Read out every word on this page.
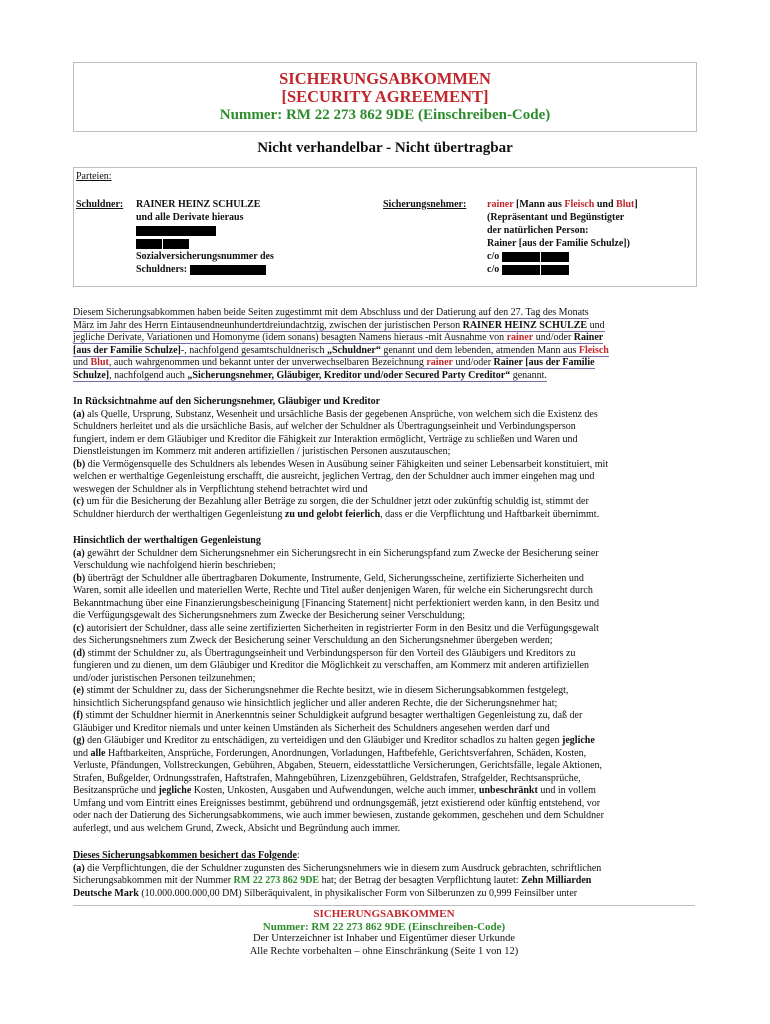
SICHERUNGSABKOMMEN
[SECURITY AGREEMENT]
Nummer: RM 22 273 862 9DE (Einschreiben-Code)
Nicht verhandelbar - Nicht übertragbar
Parteien:
Schuldner: RAINER HEINZ SCHULZE
und alle Derivate hieraus
Sozialversicherungsnummer des
Schuldners:
Sicherungsnehmer: rainer [Mann aus Fleisch und Blut]
(Repräsentant und Begünstigter
der natürlichen Person:
Rainer [aus der Familie Schulze])
c/o
c/o
Diesem Sicherungsabkommen haben beide Seiten zugestimmt mit dem Abschluss und der Datierung auf den 27. Tag des Monats
März im Jahr des Herrn Eintausendneunhundertdreiundachtzig, zwischen der juristischen Person RAINER HEINZ SCHULZE und
jegliche Derivate, Variationen und Homonyme (idem sonans) besagten Namens hieraus -mit Ausnahme von rainer und/oder Rainer
[aus der Familie Schulze]-, nachfolgend gesamtschuldnerisch „Schuldner“ genannt und dem lebenden, atmenden Mann aus Fleisch
und Blut, auch wahrgenommen und bekannt unter der unverwechselbaren Bezeichnung rainer und/oder Rainer [aus der Familie
Schulze], nachfolgend auch „Sicherungsnehmer, Gläubiger, Kreditor und/oder Secured Party Creditor“ genannt.

In Rücksichtnahme auf den Sicherungsnehmer, Gläubiger und Kreditor

(a) als Quelle, Ursprung, Substanz, Wesenheit und ursächliche Basis der gegebenen Ansprüche, von welchem sich die Existenz des

Schuldners herleitet und als die ursächliche Basis, auf welcher der Schuldner als Übertragungseinheit und Verbindungsperson

fungiert, indem er dem Gläubiger und Kreditor die Fähigkeit zur Interaktion ermöglicht, Verträge zu schließen und Waren und

Dienstleistungen im Kommerz mit anderen artifiziellen / juristischen Personen auszutauschen;

(b) die Vermögensquelle des Schuldners als lebendes Wesen in Ausübung seiner Fähigkeiten und seiner Lebensarbeit konstituiert, mit

welchen er werthaltige Gegenleistung erschafft, die ausreicht, jeglichen Vertrag, den der Schuldner auch immer eingehen mag und

weswegen der Schuldner als in Verpflichtung stehend betrachtet wird und

(c) um für die Besicherung der Bezahlung aller Beträge zu sorgen, die der Schuldner jetzt oder zukünftig schuldig ist, stimmt der

Schuldner hierdurch der werthaltigen Gegenleistung zu und gelobt feierlich, dass er die Verpflichtung und Haftbarkeit übernimmt.

Hinsichtlich der werthaltigen Gegenleistung

(a) gewährt der Schuldner dem Sicherungsnehmer ein Sicherungsrecht in ein Sicherungspfand zum Zwecke der Besicherung seiner

Verschuldung wie nachfolgend hierin beschrieben;

(b) überträgt der Schuldner alle übertragbaren Dokumente, Instrumente, Geld, Sicherungsscheine, zertifizierte Sicherheiten und

Waren, somit alle ideellen und materiellen Werte, Rechte und Titel außer denjenigen Waren, für welche ein Sicherungsrecht durch

Bekanntmachung über eine Finanzierungsbescheinigung [Financing Statement] nicht perfektioniert werden kann, in den Besitz und

die Verfügungsgewalt des Sicherungsnehmers zum Zwecke der Besicherung seiner Verschuldung;

(c) autorisiert der Schuldner, dass alle seine zertifizierten Sicherheiten in registrierter Form in den Besitz und die Verfügungsgewalt

des Sicherungsnehmers zum Zweck der Besicherung seiner Verschuldung an den Sicherungsnehmer übergeben werden;

(d) stimmt der Schuldner zu, als Übertragungseinheit und Verbindungsperson für den Vorteil des Gläubigers und Kreditors zu

fungieren und zu dienen, um dem Gläubiger und Kreditor die Möglichkeit zu verschaffen, am Kommerz mit anderen artifiziellen

und/oder juristischen Personen teilzunehmen;

(e) stimmt der Schuldner zu, dass der Sicherungsnehmer die Rechte besitzt, wie in diesem Sicherungsabkommen festgelegt,

hinsichtlich Sicherungspfand genauso wie hinsichtlich jeglicher und aller anderen Rechte, die der Sicherungsnehmer hat;

(f) stimmt der Schuldner hiermit in Anerkenntnis seiner Schuldigkeit aufgrund besagter werthaltigen Gegenleistung zu, daß der

Gläubiger und Kreditor niemals und unter keinen Umständen als Sicherheit des Schuldners angesehen werden darf und

(g) den Gläubiger und Kreditor zu entschädigen, zu verteidigen und den Gläubiger und Kreditor schadlos zu halten gegen jegliche

und alle Haftbarkeiten, Ansprüche, Forderungen, Anordnungen, Vorladungen, Haftbefehle, Gerichtsverfahren, Schäden, Kosten,

Verluste, Pfändungen, Vollstreckungen, Gebühren, Abgaben, Steuern, eidesstattliche Versicherungen, Gerichtsfälle, legale Aktionen,

Strafen, Bußgelder, Ordnungsstrafen, Haftstrafen, Mahngebühren, Lizenzgebühren, Geldstrafen, Strafgelder, Rechtsansprüche,

Besitzansprüche und jegliche Kosten, Unkosten, Ausgaben und Aufwendungen, welche auch immer, unbeschränkt und in vollem

Umfang und vom Eintritt eines Ereignisses bestimmt, gebührend und ordnungsgemäß, jetzt existierend oder künftig entstehend, vor

oder nach der Datierung des Sicherungsabkommens, wie auch immer bewiesen, zustande gekommen, geschehen und dem Schuldner

auferlegt, und aus welchem Grund, Zweck, Absicht und Begründung auch immer.

Dieses Sicherungsabkommen besichert das Folgende:

(a) die Verpflichtungen, die der Schuldner zugunsten des Sicherungsnehmers wie in diesem zum Ausdruck gebrachten, schriftlichen

Sicherungsabkommen mit der Nummer RM 22 273 862 9DE hat; der Betrag der besagten Verpflichtung lautet: Zehn Milliarden

Deutsche Mark (10.000.000.000,00 DM) Silberäquivalent, in physikalischer Form von Silberunzen zu 0,999 Feinsilber unter

SICHERUNGSABKOMMEN
Nummer: RM 22 273 862 9DE (Einschreiben-Code)
Der Unterzeichner ist Inhaber und Eigentümer dieser Urkunde
Alle Rechte vorbehalten – ohne Einschränkung (Seite 1 von 12)
